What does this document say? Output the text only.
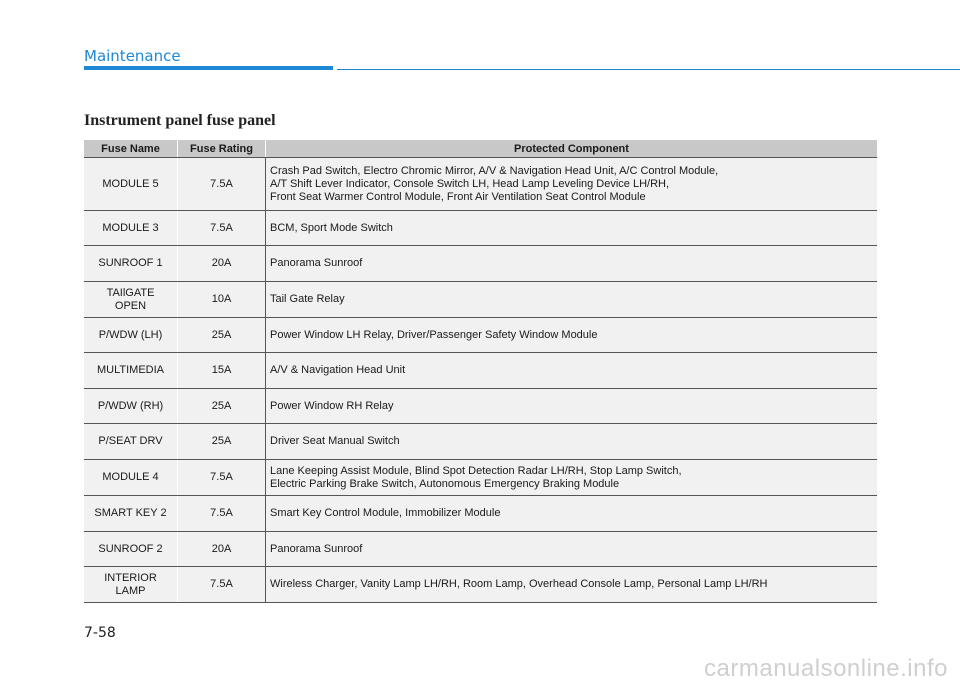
Maintenance
Instrument panel fuse panel
Fuse Name	Fuse Rating	Protected Component
MODULE 5	7.5A	Crash Pad Switch, Electro Chromic Mirror, A/V & Navigation Head Unit, A/C Control Module,
A/T Shift Lever Indicator, Console Switch LH, Head Lamp Leveling Device LH/RH,
Front Seat Warmer Control Module, Front Air Ventilation Seat Control Module
MODULE 3	7.5A	BCM, Sport Mode Switch
SUNROOF 1	20A	Panorama Sunroof
TAIlGATE
OPEN	10A	Tail Gate Relay
P/WDW (LH)	25A	Power Window LH Relay, Driver/Passenger Safety Window Module
MULTIMEDIA	15A	A/V & Navigation Head Unit
P/WDW (RH)	25A	Power Window RH Relay
P/SEAT DRV	25A	Driver Seat Manual Switch
MODULE 4	7.5A	Lane Keeping Assist Module, Blind Spot Detection Radar LH/RH, Stop Lamp Switch,
Electric Parking Brake Switch, Autonomous Emergency Braking Module
SMART KEY 2	7.5A	Smart Key Control Module, Immobilizer Module
SUNROOF 2	20A	Panorama Sunroof
INTERIOR
LAMP	7.5A	Wireless Charger, Vanity Lamp LH/RH, Room Lamp, Overhead Console Lamp, Personal Lamp LH/RH
7-58
carmanualsonline.info
